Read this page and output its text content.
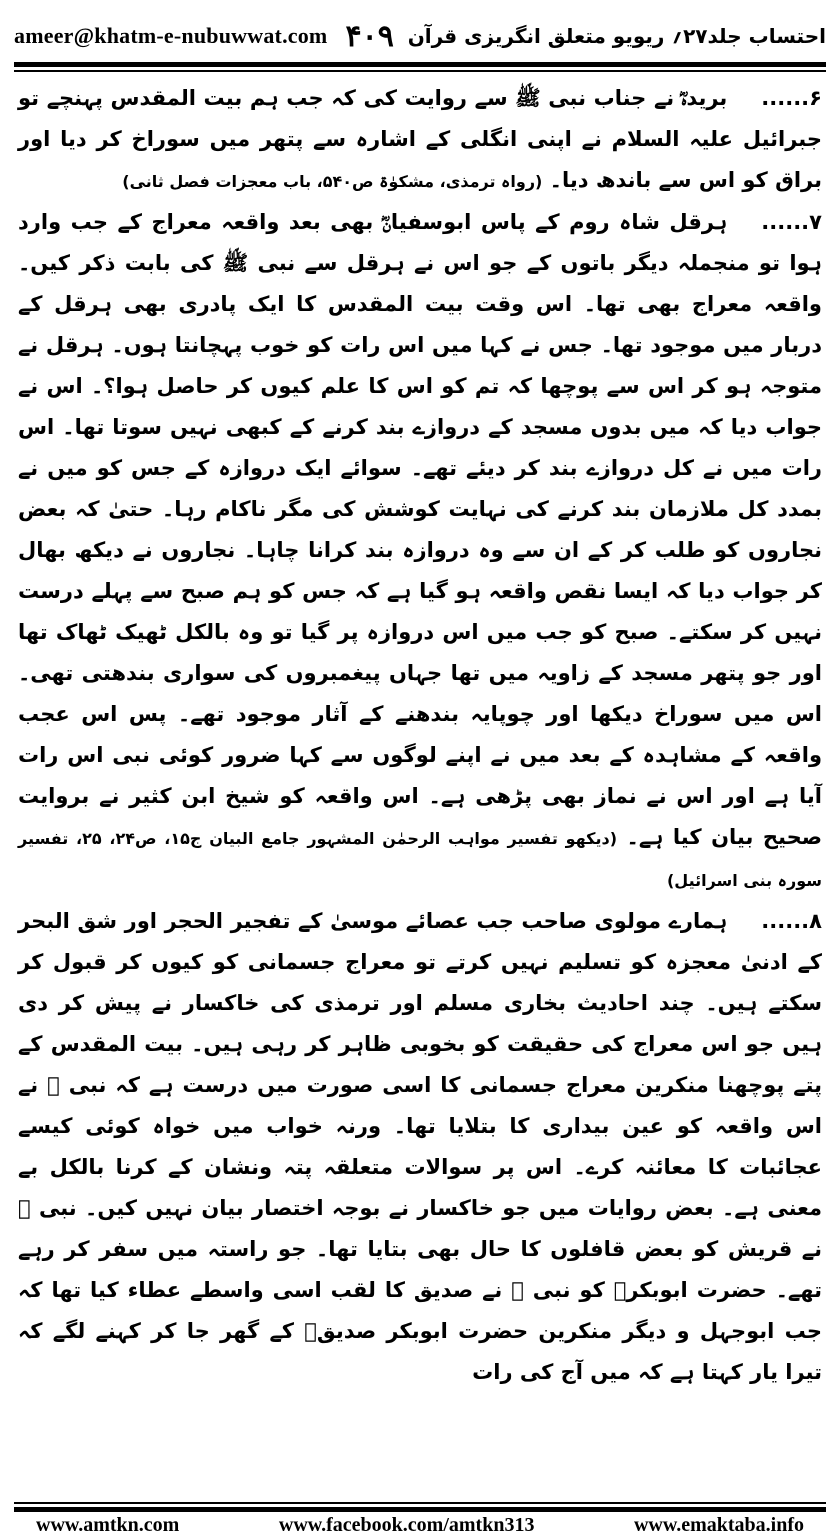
ameer@khatm-e-nubuwwat.com ۴۰۹ احتساب جلد۲۷؍ ریویو متعلق انگریزی قرآن
۶......بریدہؓ نے جناب نبی ﷺ سے روایت کی کہ جب ہم بیت المقدس پہنچے تو جبرائیل علیہ السلام نے اپنی انگلی کے اشارہ سے پتھر میں سوراخ کر دیا اور براق کو اس سے باندھ دیا۔ (رواہ ترمذی، مشکوٰۃ ص۵۴۰، باب معجزات فصل ثانی)
۷......ہرقل شاہ روم کے پاس ابوسفیانؓ بھی بعد واقعہ معراج کے جب وارد ہوا تو منجملہ دیگر باتوں کے جو اس نے ہرقل سے نبی ﷺ کی بابت ذکر کیں۔ واقعہ معراج بھی تھا۔ اس وقت بیت المقدس کا ایک پادری بھی ہرقل کے دربار میں موجود تھا۔ جس نے کہا میں اس رات کو خوب پہچانتا ہوں۔ ہرقل نے متوجہ ہو کر اس سے پوچھا کہ تم کو اس کا علم کیوں کر حاصل ہوا؟۔ اس نے جواب دیا کہ میں بدوں مسجد کے دروازے بند کرنے کے کبھی نہیں سوتا تھا۔ اس رات میں نے کل دروازے بند کر دیئے تھے۔ سوائے ایک دروازہ کے جس کو میں نے بمدد کل ملازمان بند کرنے کی نہایت کوشش کی مگر ناکام رہا۔ حتیٰ کہ بعض نجاروں کو طلب کر کے ان سے وہ دروازہ بند کرانا چاہا۔ نجاروں نے دیکھ بھال کر جواب دیا کہ ایسا نقص واقعہ ہو گیا ہے کہ جس کو ہم صبح سے پہلے درست نہیں کر سکتے۔ صبح کو جب میں اس دروازہ پر گیا تو وہ بالکل ٹھیک ٹھاک تھا اور جو پتھر مسجد کے زاویہ میں تھا جہاں پیغمبروں کی سواری بندھتی تھی۔ اس میں سوراخ دیکھا اور چوپایہ بندھنے کے آثار موجود تھے۔ پس اس عجب واقعہ کے مشاہدہ کے بعد میں نے اپنے لوگوں سے کہا ضرور کوئی نبی اس رات آیا ہے اور اس نے نماز بھی پڑھی ہے۔ اس واقعہ کو شیخ ابن کثیر نے بروایت صحیح بیان کیا ہے۔ (دیکھو تفسیر مواہب الرحمٰن المشہور جامع البیان ج۱۵، ص۲۴، ۲۵، تفسیر سورہ بنی اسرائیل)
۸......ہمارے مولوی صاحب جب عصائے موسیٰ کے تفجیر الحجر اور شق البحر کے ادنیٰ معجزہ کو تسلیم نہیں کرتے تو معراج جسمانی کو کیوں کر قبول کر سکتے ہیں۔ چند احادیث بخاری مسلم اور ترمذی کی خاکسار نے پیش کر دی ہیں جو اس معراج کی حقیقت کو بخوبی ظاہر کر رہی ہیں۔ بیت المقدس کے پتے پوچھنا منکرین معراج جسمانی کا اسی صورت میں درست ہے کہ نبی ﷺ نے اس واقعہ کو عین بیداری کا بتلایا تھا۔ ورنہ خواب میں خواہ کوئی کیسے عجائبات کا معائنہ کرے۔ اس پر سوالات متعلقہ پتہ ونشان کے کرنا بالکل بے معنی ہے۔ بعض روایات میں جو خاکسار نے بوجہ اختصار بیان نہیں کیں۔ نبی ﷺ نے قریش کو بعض قافلوں کا حال بھی بتایا تھا۔ جو راستہ میں سفر کر رہے تھے۔ حضرت ابوبکرؓ کو نبی ﷺ نے صدیق کا لقب اسی واسطے عطاء کیا تھا کہ جب ابوجہل و دیگر منکرین حضرت ابوبکر صدیقؓ کے گھر جا کر کہنے لگے کہ تیرا یار کہتا ہے کہ میں آج کی رات
www.amtkn.com	www.facebook.com/amtkn313	www.emaktaba.info
